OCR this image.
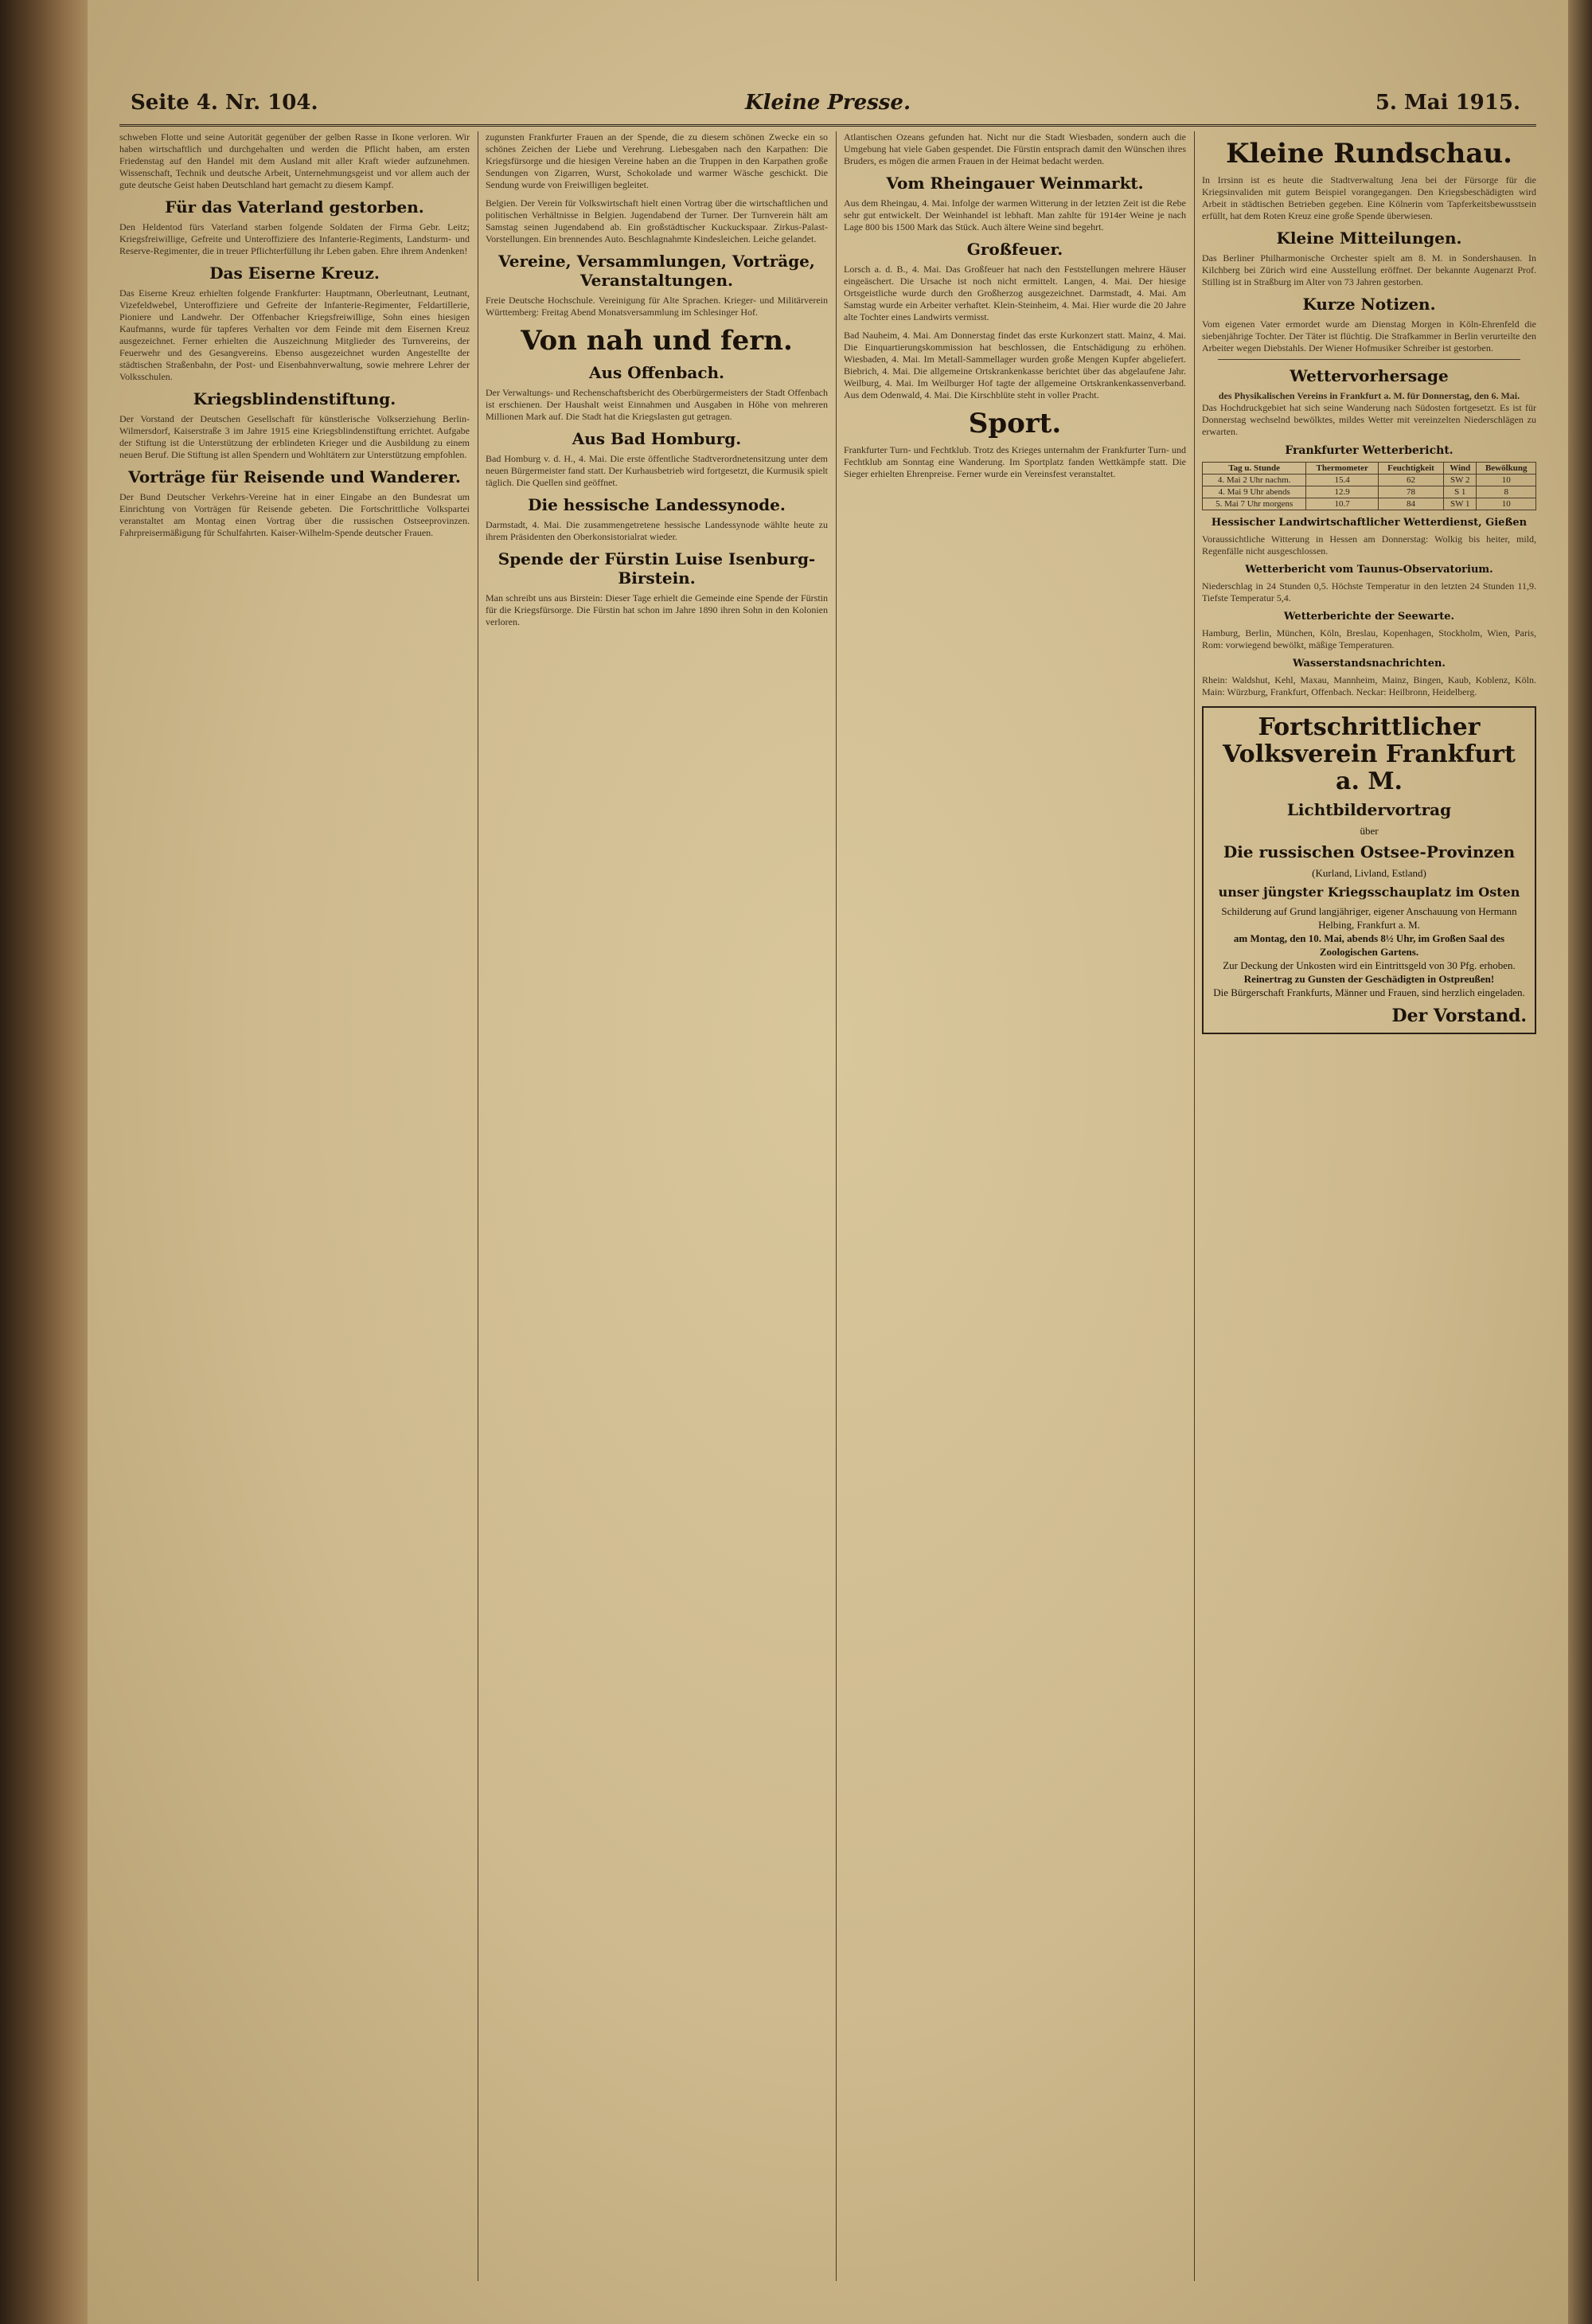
Seite 4. Nr. 104.	Kleine Presse.	5. Mai 1915.

schweben Flotte und seine Autorität gegenüber der gelben Rasse in Ikone verloren. Wir haben wirtschaftlich und durchgehalten und werden die Pflicht haben, am ersten Friedenstag auf den Handel mit dem Ausland mit aller Kraft wieder aufzunehmen. Wissenschaft, Technik und deutsche Arbeit, Unternehmungsgeist und vor allem auch der gute deutsche Geist haben Deutschland hart gemacht zu diesem Kampf.

Für das Vaterland gestorben.

Den Heldentod fürs Vaterland starben folgende Soldaten der Firma Gebr. Leitz; Kriegsfreiwillige, Gefreite und Unteroffiziere des Infanterie-Regiments, Landsturm- und Reserve-Regimenter, die in treuer Pflichterfüllung ihr Leben gaben. Ehre ihrem Andenken!

Das Eiserne Kreuz.

Das Eiserne Kreuz erhielten folgende Frankfurter: Hauptmann, Oberleutnant, Leutnant, Vizefeldwebel, Unteroffiziere und Gefreite der Infanterie-Regimenter, Feldartillerie, Pioniere und Landwehr. Der Offenbacher Kriegsfreiwillige, Sohn eines hiesigen Kaufmanns, wurde für tapferes Verhalten vor dem Feinde mit dem Eisernen Kreuz ausgezeichnet. Ferner erhielten die Auszeichnung Mitglieder des Turnvereins, der Feuerwehr und des Gesangvereins. Ebenso ausgezeichnet wurden Angestellte der städtischen Straßenbahn, der Post- und Eisenbahnverwaltung, sowie mehrere Lehrer der Volksschulen.

Kriegsblindenstiftung.

Der Vorstand der Deutschen Gesellschaft für künstlerische Volkserziehung Berlin-Wilmersdorf, Kaiserstraße 3 im Jahre 1915 eine Kriegsblindenstiftung errichtet. Aufgabe der Stiftung ist die Unterstützung der erblindeten Krieger und die Ausbildung zu einem neuen Beruf. Die Stiftung ist allen Spendern und Wohltätern zur Unterstützung empfohlen.

Vorträge für Reisende und Wanderer.

Der Bund Deutscher Verkehrs-Vereine hat in einer Eingabe an den Bundesrat um Einrichtung von Vorträgen für Reisende gebeten. Die Fortschrittliche Volkspartei veranstaltet am Montag einen Vortrag über die russischen Ostseeprovinzen. Fahrpreisermäßigung für Schulfahrten. Kaiser-Wilhelm-Spende deutscher Frauen.

zugunsten Frankfurter Frauen an der Spende, die zu diesem schönen Zwecke ein so schönes Zeichen der Liebe und Verehrung. Liebesgaben nach den Karpathen: Die Kriegsfürsorge und die hiesigen Vereine haben an die Truppen in den Karpathen große Sendungen von Zigarren, Wurst, Schokolade und warmer Wäsche geschickt. Die Sendung wurde von Freiwilligen begleitet.

Belgien. Der Verein für Volkswirtschaft hielt einen Vortrag über die wirtschaftlichen und politischen Verhältnisse in Belgien. Jugendabend der Turner. Der Turnverein hält am Samstag seinen Jugendabend ab. Ein großstädtischer Kuckuckspaar. Zirkus-Palast-Vorstellungen. Ein brennendes Auto. Beschlagnahmte Kindesleichen. Leiche gelandet.

Vereine, Versammlungen, Vorträge, Veranstaltungen.

Freie Deutsche Hochschule. Vereinigung für Alte Sprachen. Krieger- und Militärverein Württemberg: Freitag Abend Monatsversammlung im Schlesinger Hof.

Von nah und fern.
Aus Offenbach.

Der Verwaltungs- und Rechenschaftsbericht des Oberbürgermeisters der Stadt Offenbach ist erschienen. Der Haushalt weist Einnahmen und Ausgaben in Höhe von mehreren Millionen Mark auf. Die Stadt hat die Kriegslasten gut getragen.

Aus Bad Homburg.

Bad Homburg v. d. H., 4. Mai. Die erste öffentliche Stadtverordnetensitzung unter dem neuen Bürgermeister fand statt. Der Kurhausbetrieb wird fortgesetzt, die Kurmusik spielt täglich. Die Quellen sind geöffnet.

Die hessische Landessynode.

Darmstadt, 4. Mai. Die zusammengetretene hessische Landessynode wählte heute zu ihrem Präsidenten den Oberkonsistorialrat wieder.

Spende der Fürstin Luise Isenburg-Birstein.

Man schreibt uns aus Birstein: Dieser Tage erhielt die Gemeinde eine Spende der Fürstin für die Kriegsfürsorge. Die Fürstin hat schon im Jahre 1890 ihren Sohn in den Kolonien verloren.

Atlantischen Ozeans gefunden hat. Nicht nur die Stadt Wiesbaden, sondern auch die Umgebung hat viele Gaben gespendet. Die Fürstin entsprach damit den Wünschen ihres Bruders, es mögen die armen Frauen in der Heimat bedacht werden.

Vom Rheingauer Weinmarkt.

Aus dem Rheingau, 4. Mai. Infolge der warmen Witterung in der letzten Zeit ist die Rebe sehr gut entwickelt. Der Weinhandel ist lebhaft. Man zahlte für 1914er Weine je nach Lage 800 bis 1500 Mark das Stück. Auch ältere Weine sind begehrt.

Großfeuer.

Lorsch a. d. B., 4. Mai. Das Großfeuer hat nach den Feststellungen mehrere Häuser eingeäschert. Die Ursache ist noch nicht ermittelt. Langen, 4. Mai. Der hiesige Ortsgeistliche wurde durch den Großherzog ausgezeichnet. Darmstadt, 4. Mai. Am Samstag wurde ein Arbeiter verhaftet. Klein-Steinheim, 4. Mai. Hier wurde die 20 Jahre alte Tochter eines Landwirts vermisst.

Bad Nauheim, 4. Mai. Am Donnerstag findet das erste Kurkonzert statt. Mainz, 4. Mai. Die Einquartierungskommission hat beschlossen, die Entschädigung zu erhöhen. Wiesbaden, 4. Mai. Im Metall-Sammellager wurden große Mengen Kupfer abgeliefert. Biebrich, 4. Mai. Die allgemeine Ortskrankenkasse berichtet über das abgelaufene Jahr. Weilburg, 4. Mai. Im Weilburger Hof tagte der allgemeine Ortskrankenkassenverband. Aus dem Odenwald, 4. Mai. Die Kirschblüte steht in voller Pracht.

Sport.

Frankfurter Turn- und Fechtklub. Trotz des Krieges unternahm der Frankfurter Turn- und Fechtklub am Sonntag eine Wanderung. Im Sportplatz fanden Wettkämpfe statt. Die Sieger erhielten Ehrenpreise. Ferner wurde ein Vereinsfest veranstaltet.

Kleine Rundschau.

In Irrsinn ist es heute die Stadtverwaltung Jena bei der Fürsorge für die Kriegsinvaliden mit gutem Beispiel vorangegangen. Den Kriegsbeschädigten wird Arbeit in städtischen Betrieben gegeben. Eine Kölnerin vom Tapferkeitsbewusstsein erfüllt, hat dem Roten Kreuz eine große Spende überwiesen.

Kleine Mitteilungen.

Das Berliner Philharmonische Orchester spielt am 8. M. in Sondershausen. In Kilchberg bei Zürich wird eine Ausstellung eröffnet. Der bekannte Augenarzt Prof. Stilling ist in Straßburg im Alter von 73 Jahren gestorben.

Kurze Notizen.

Vom eigenen Vater ermordet wurde am Dienstag Morgen in Köln-Ehrenfeld die siebenjährige Tochter. Der Täter ist flüchtig. Die Strafkammer in Berlin verurteilte den Arbeiter wegen Diebstahls. Der Wiener Hofmusiker Schreiber ist gestorben.

Wettervorhersage
des Physikalischen Vereins in Frankfurt a. M. für Donnerstag, den 6. Mai.

Das Hochdruckgebiet hat sich seine Wanderung nach Südosten fortgesetzt. Es ist für Donnerstag wechselnd bewölktes, mildes Wetter mit vereinzelten Niederschlägen zu erwarten.

Frankfurter Wetterbericht.
Tag u. Stunde	Thermometer	Feuchtigkeit	Wind	Bewölkung
4. Mai 2 Uhr nachm.	15.4	62	SW 2	10
4. Mai 9 Uhr abends	12.9	78	S 1	8
5. Mai 7 Uhr morgens	10.7	84	SW 1	10
Hessischer Landwirtschaftlicher Wetterdienst, Gießen

Voraussichtliche Witterung in Hessen am Donnerstag: Wolkig bis heiter, mild, Regenfälle nicht ausgeschlossen.

Wetterbericht vom Taunus-Observatorium.

Niederschlag in 24 Stunden 0,5. Höchste Temperatur in den letzten 24 Stunden 11,9. Tiefste Temperatur 5,4.

Wetterberichte der Seewarte.

Hamburg, Berlin, München, Köln, Breslau, Kopenhagen, Stockholm, Wien, Paris, Rom: vorwiegend bewölkt, mäßige Temperaturen.

Wasserstandsnachrichten.

Rhein: Waldshut, Kehl, Maxau, Mannheim, Mainz, Bingen, Kaub, Koblenz, Köln. Main: Würzburg, Frankfurt, Offenbach. Neckar: Heilbronn, Heidelberg.

Fortschrittlicher Volksverein Frankfurt a. M.
Lichtbildervortrag
über
Die russischen Ostsee-Provinzen
(Kurland, Livland, Estland)
unser jüngster Kriegsschauplatz im Osten
Schilderung auf Grund langjähriger, eigener Anschauung von Hermann Helbing, Frankfurt a. M.
am Montag, den 10. Mai, abends 8½ Uhr, im Großen Saal des Zoologischen Gartens.
Zur Deckung der Unkosten wird ein Eintrittsgeld von 30 Pfg. erhoben.
Reinertrag zu Gunsten der Geschädigten in Ostpreußen!
Die Bürgerschaft Frankfurts, Männer und Frauen, sind herzlich eingeladen.
Der Vorstand.
